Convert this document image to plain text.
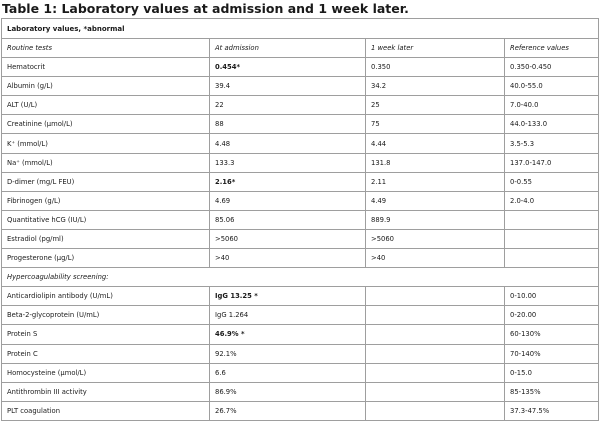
Table 1: Laboratory values at admission and 1 week later.
Laboratory values, *abnormal			
Routine tests	At admission	1 week later	Reference values
Hematocrit	0.454*	0.350	0.350-0.450
Albumin (g/L)	39.4	34.2	40.0-55.0
ALT (U/L)	22	25	7.0-40.0
Creatinine (μmol/L)	88	75	44.0-133.0
K⁺ (mmol/L)	4.48	4.44	3.5-5.3
Na⁺ (mmol/L)	133.3	131.8	137.0-147.0
D-dimer (mg/L FEU)	2.16*	2.11	0-0.55
Fibrinogen (g/L)	4.69	4.49	2.0-4.0
Quantitative hCG (IU/L)	85.06	889.9	
Estradiol (pg/ml)	>5060	>5060	
Progesterone (μg/L)	>40	>40	
Hypercoagulability screening:			
Anticardiolipin antibody (U/mL)	IgG 13.25 *		0-10.00
Beta-2-glycoprotein (U/mL)	IgG 1.264		0-20.00
Protein S	46.9% *		60-130%
Protein C	92.1%		70-140%
Homocysteine (μmol/L)	6.6		0-15.0
Antithrombin III activity	86.9%		85-135%
PLT coagulation	26.7%		37.3-47.5%
